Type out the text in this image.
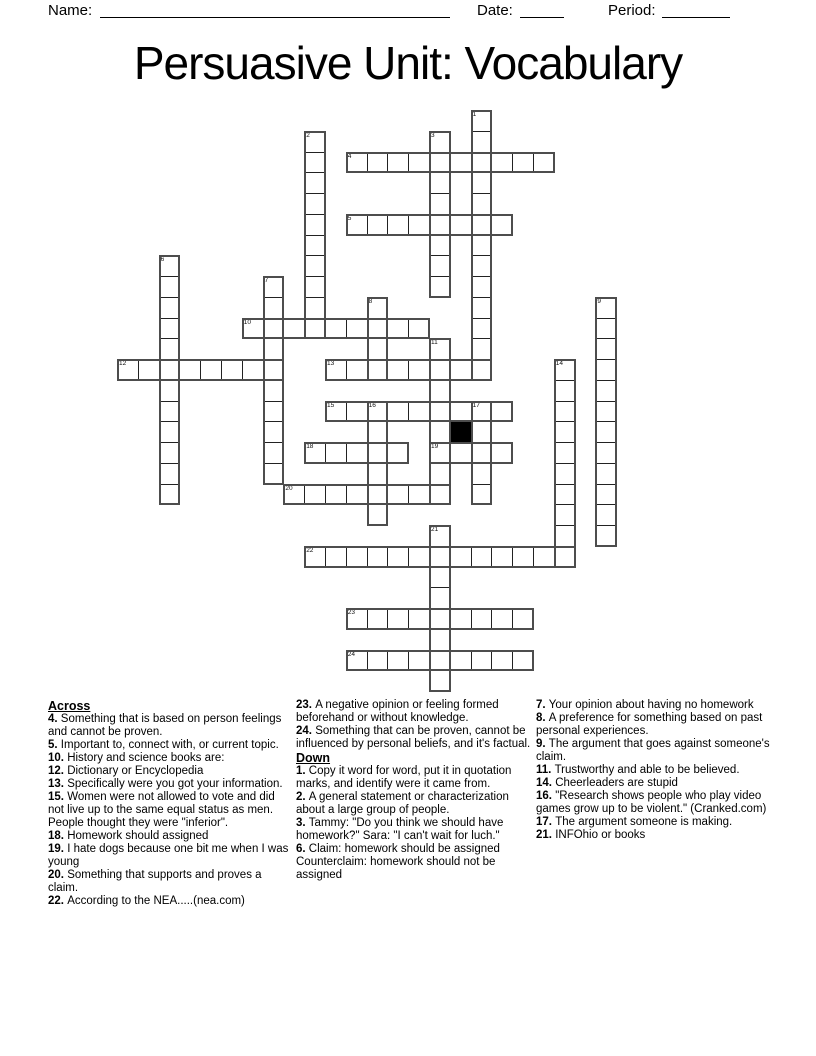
Name:	Date:	Period:
Persuasive Unit: Vocabulary
4
5
10
12	13
15	16	17
18	19
20
22
23
24
1
2	3
6
7
8	9
11
14
21

Across

4. Something that is based on person feelings and cannot be proven.

5. Important to, connect with, or current topic.

10. History and science books are:

12. Dictionary or Encyclopedia

13. Specifically were you got your information.

15. Women were not allowed to vote and did not live up to the same equal status as men. People thought they were "inferior".

18. Homework should assigned

19. I hate dogs because one bit me when I was young

20. Something that supports and proves a claim.

22. According to the NEA.....(nea.com)

23. A negative opinion or feeling formed beforehand or without knowledge.

24. Something that can be proven, cannot be influenced by personal beliefs, and it's factual.

Down

1. Copy it word for word, put it in quotation marks, and identify were it came from.

2. A general statement or characterization about a large group of people.

3. Tammy: "Do you think we should have homework?" Sara: "I can't wait for luch."

6. Claim: homework should be assigned Counterclaim: homework should not be assigned

7. Your opinion about having no homework

8. A preference for something based on past personal experiences.

9. The argument that goes against someone's claim.

11. Trustworthy and able to be believed.

14. Cheerleaders are stupid

16. "Research shows people who play video games grow up to be violent." (Cranked.com)

17. The argument someone is making.

21. INFOhio or books
